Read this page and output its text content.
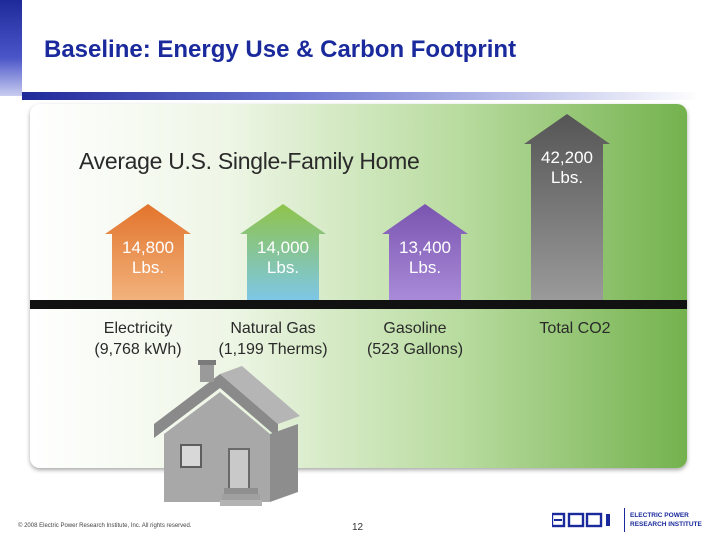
Baseline: Energy Use & Carbon Footprint
Average U.S. Single-Family Home
14,800
Lbs.
14,000
Lbs.
13,400
Lbs.
42,200
Lbs.
Electricity
(9,768 kWh)
Natural Gas
(1,199 Therms)
Gasoline
(523 Gallons)
Total CO2
© 2008 Electric Power Research Institute, Inc. All rights reserved.	12
ELECTRIC POWER
RESEARCH INSTITUTE
